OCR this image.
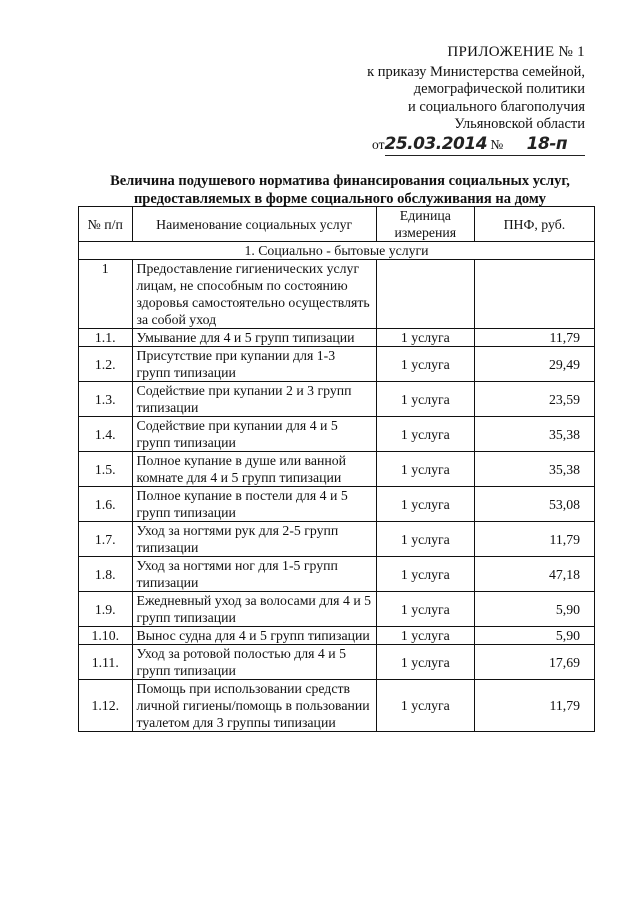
ПРИЛОЖЕНИЕ № 1
к приказу Министерства семейной,
демографической политики
и социального благополучия
Ульяновской области
от25.03.2014 № 18-п
Величина подушевого норматива финансирования социальных услуг,
предоставляемых в форме социального обслуживания на дому
№ п/п	Наименование социальных услуг	Единица измерения	ПНФ, руб.
1. Социально - бытовые услуги			
1	Предоставление гигиенических услуг лицам, не способным по состоянию здоровья самостоятельно осуществлять за собой уход		
1.1.	Умывание для 4 и 5 групп типизации	1 услуга	11,79
1.2.	Присутствие при купании для 1-3 групп типизации	1 услуга	29,49
1.3.	Содействие при купании 2 и 3 групп типизации	1 услуга	23,59
1.4.	Содействие при купании для 4 и 5 групп типизации	1 услуга	35,38
1.5.	Полное купание в душе или ванной комнате для 4 и 5 групп типизации	1 услуга	35,38
1.6.	Полное купание в постели для 4 и 5 групп типизации	1 услуга	53,08
1.7.	Уход за ногтями рук для 2-5 групп типизации	1 услуга	11,79
1.8.	Уход за ногтями ног для 1-5 групп типизации	1 услуга	47,18
1.9.	Ежедневный уход за волосами для 4 и 5 групп типизации	1 услуга	5,90
1.10.	Вынос судна для 4 и 5 групп типизации	1 услуга	5,90
1.11.	Уход за ротовой полостью для 4 и 5 групп типизации	1 услуга	17,69
1.12.	Помощь при использовании средств личной гигиены/помощь в пользовании туалетом для 3 группы типизации	1 услуга	11,79
